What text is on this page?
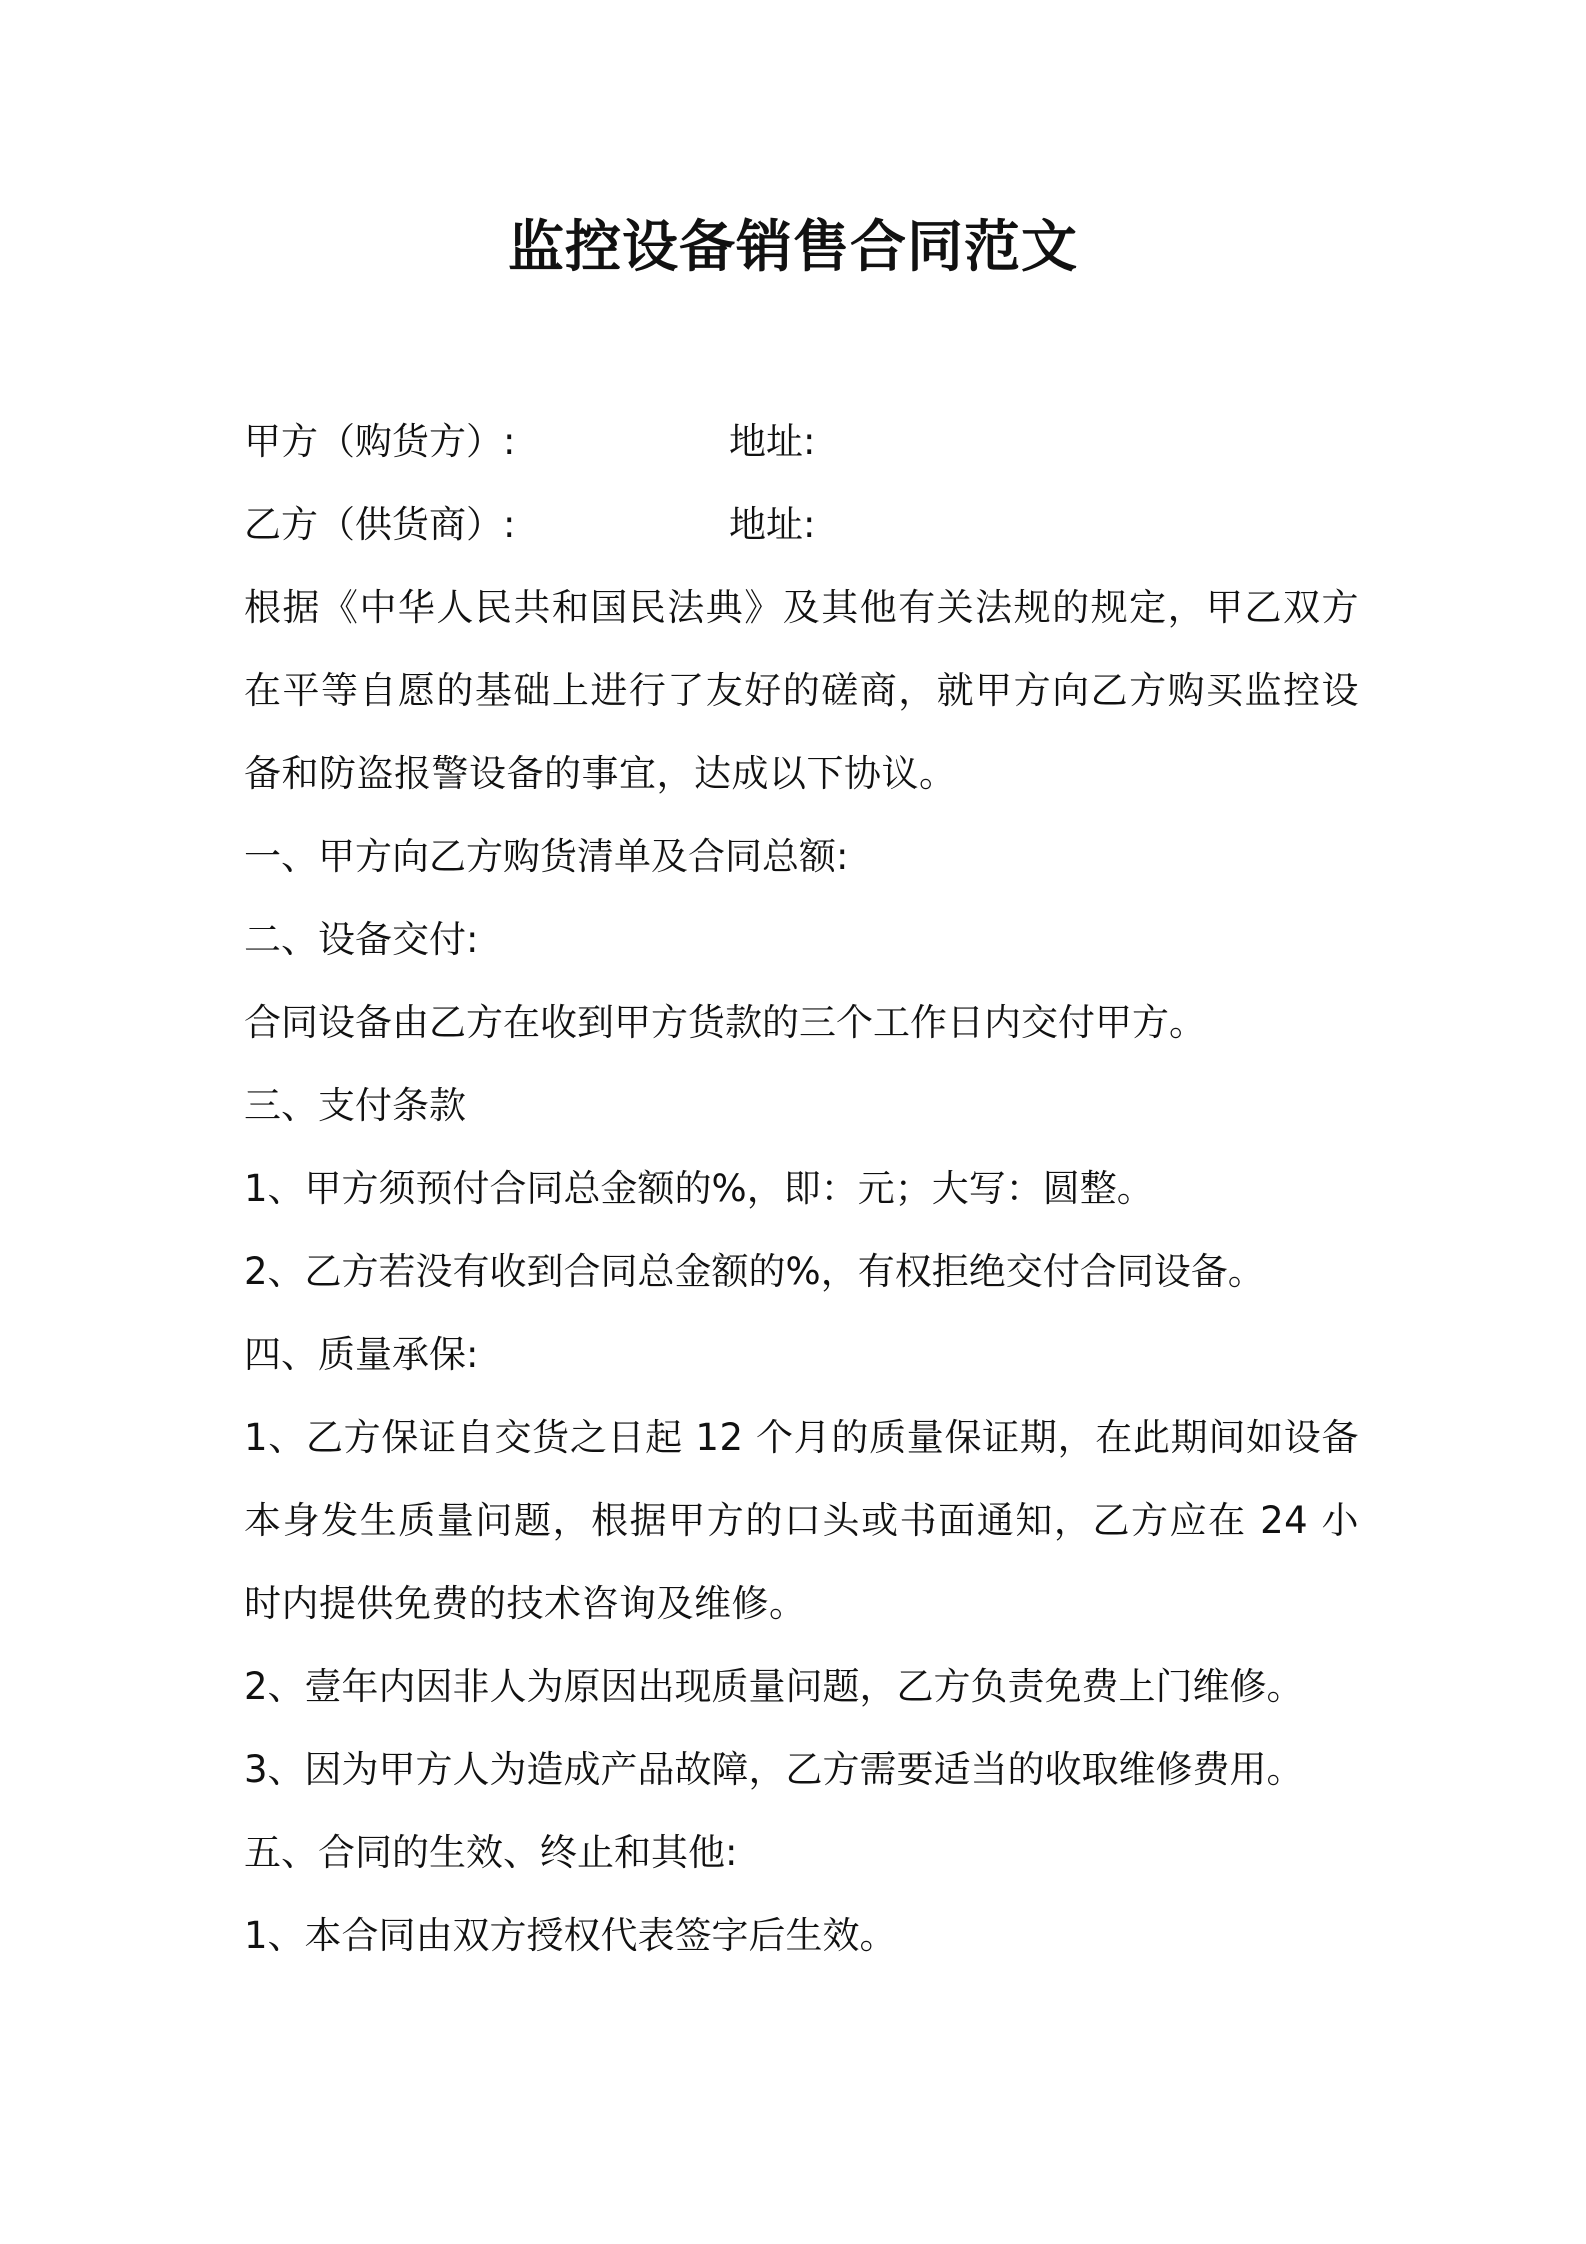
监控设备销售合同范文
甲方（购货方）:	地址:
乙方（供货商）:	地址:
根据《中华人民共和国民法典》及其他有关法规的规定，甲乙双方在平等自愿的基础上进行了友好的磋商，就甲方向乙方购买监控设备和防盗报警设备的事宜，达成以下协议。
一、甲方向乙方购货清单及合同总额:
二、设备交付:
合同设备由乙方在收到甲方货款的三个工作日内交付甲方。
三、支付条款
1、甲方须预付合同总金额的%，即：元；大写：圆整。
2、乙方若没有收到合同总金额的%，有权拒绝交付合同设备。
四、质量承保:
1、乙方保证自交货之日起 12 个月的质量保证期，在此期间如设备本身发生质量问题，根据甲方的口头或书面通知，乙方应在 24 小时内提供免费的技术咨询及维修。
2、壹年内因非人为原因出现质量问题，乙方负责免费上门维修。
3、因为甲方人为造成产品故障，乙方需要适当的收取维修费用。
五、合同的生效、终止和其他:
1、本合同由双方授权代表签字后生效。
